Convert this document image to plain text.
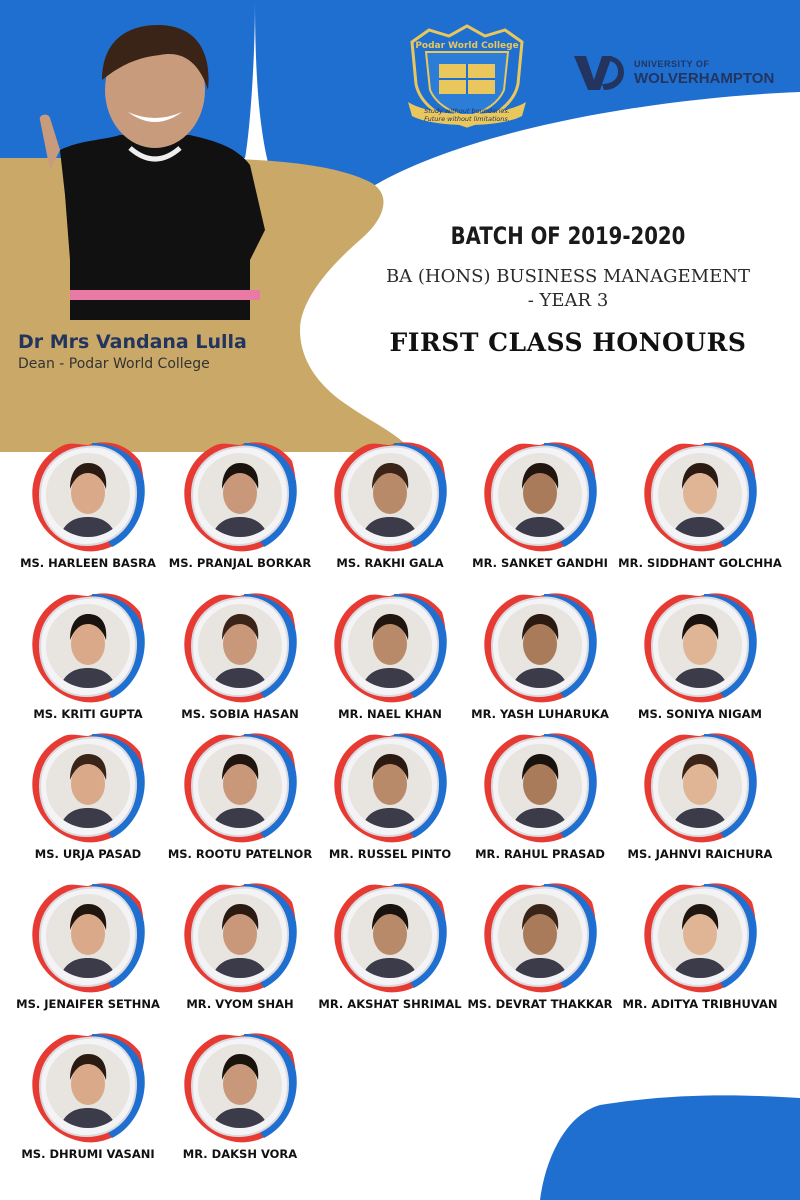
Dr Mrs Vandana Lulla
Dean - Podar World College
Podar World College
Study without boundaries.
Future without limitations.
UNIVERSITY OF
WOLVERHAMPTON
BATCH OF 2019-2020
BA (HONS) BUSINESS MANAGEMENT
- YEAR 3
FIRST CLASS HONOURS
MS. HARLEEN BASRA	MS. PRANJAL BORKAR	MS. RAKHI GALA	MR. SANKET GANDHI MR. SIDDHANT GOLCHHA
MS. KRITI GUPTA	MS. SOBIA HASAN	MR. NAEL KHAN	MR. YASH LUHARUKA	MS. SONIYA NIGAM
MS. URJA PASAD	MS. ROOTU PATELNOR	MR. RUSSEL PINTO	MR. RAHUL PRASAD	MS. JAHNVI RAICHURA
MS. JENAIFER SETHNA	MR. VYOM SHAH	MR. AKSHAT SHRIMAL MS. DEVRAT THAKKAR MR. ADITYA TRIBHUVAN
MS. DHRUMI VASANI	MR. DAKSH VORA
